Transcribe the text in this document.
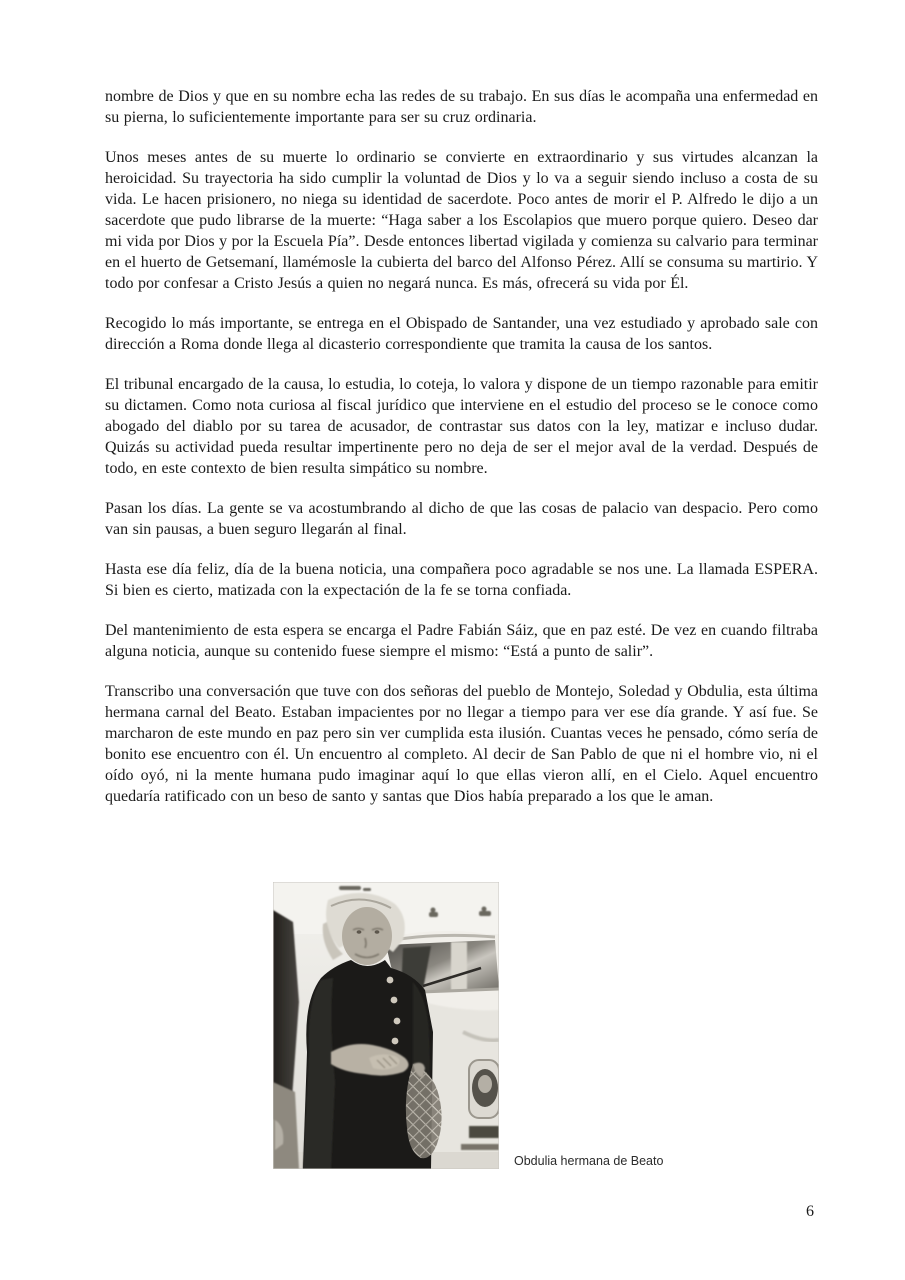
nombre de Dios y que en su nombre echa las redes de su trabajo. En sus días le acompaña una enfermedad en su pierna, lo suficientemente importante para ser su cruz ordinaria.

Unos meses antes de su muerte lo ordinario se convierte en extraordinario y sus virtudes alcanzan la heroicidad. Su trayectoria ha sido cumplir la voluntad de Dios y lo va a seguir siendo incluso a costa de su vida. Le hacen prisionero, no niega su identidad de sacerdote. Poco antes de morir el P. Alfredo le dijo a un sacerdote que pudo librarse de la muerte: “Haga saber a los Escolapios que muero porque quiero. Deseo dar mi vida por Dios y por la Escuela Pía”. Desde entonces libertad vigilada y comienza su calvario para terminar en el huerto de Getsemaní, llamémosle la cubierta del barco del Alfonso Pérez. Allí se consuma su martirio. Y todo por confesar a Cristo Jesús a quien no negará nunca. Es más, ofrecerá su vida por Él.

Recogido lo más importante, se entrega en el Obispado de Santander, una vez estudiado y aprobado sale con dirección a Roma donde llega al dicasterio correspondiente que tramita la causa de los santos.

El tribunal encargado de la causa, lo estudia, lo coteja, lo valora y dispone de un tiempo razonable para emitir su dictamen. Como nota curiosa al fiscal jurídico que interviene en el estudio del proceso se le conoce como abogado del diablo por su tarea de acusador, de contrastar sus datos con la ley, matizar e incluso dudar. Quizás su actividad pueda resultar impertinente pero no deja de ser el mejor aval de la verdad. Después de todo, en este contexto de bien resulta simpático su nombre.

Pasan los días. La gente se va acostumbrando al dicho de que las cosas de palacio van despacio. Pero como van sin pausas, a buen seguro llegarán al final.

Hasta ese día feliz, día de la buena noticia, una compañera poco agradable se nos une. La llamada ESPERA. Si bien es cierto, matizada con la expectación de la fe se torna confiada.

Del mantenimiento de esta espera se encarga el Padre Fabián Sáiz, que en paz esté. De vez en cuando filtraba alguna noticia, aunque su contenido fuese siempre el mismo: “Está a punto de salir”.

Transcribo una conversación que tuve con dos señoras del pueblo de Montejo, Soledad y Obdulia, esta última hermana carnal del Beato. Estaban impacientes por no llegar a tiempo para ver ese día grande. Y así fue. Se marcharon de este mundo en paz pero sin ver cumplida esta ilusión. Cuantas veces he pensado, cómo sería de bonito ese encuentro con él. Un encuentro al completo. Al decir de San Pablo de que ni el hombre vio, ni el oído oyó, ni la mente humana pudo imaginar aquí lo que ellas vieron allí, en el Cielo. Aquel encuentro quedaría ratificado con un beso de santo y santas que Dios había preparado a los que le aman.

Obdulia hermana de Beato
6
